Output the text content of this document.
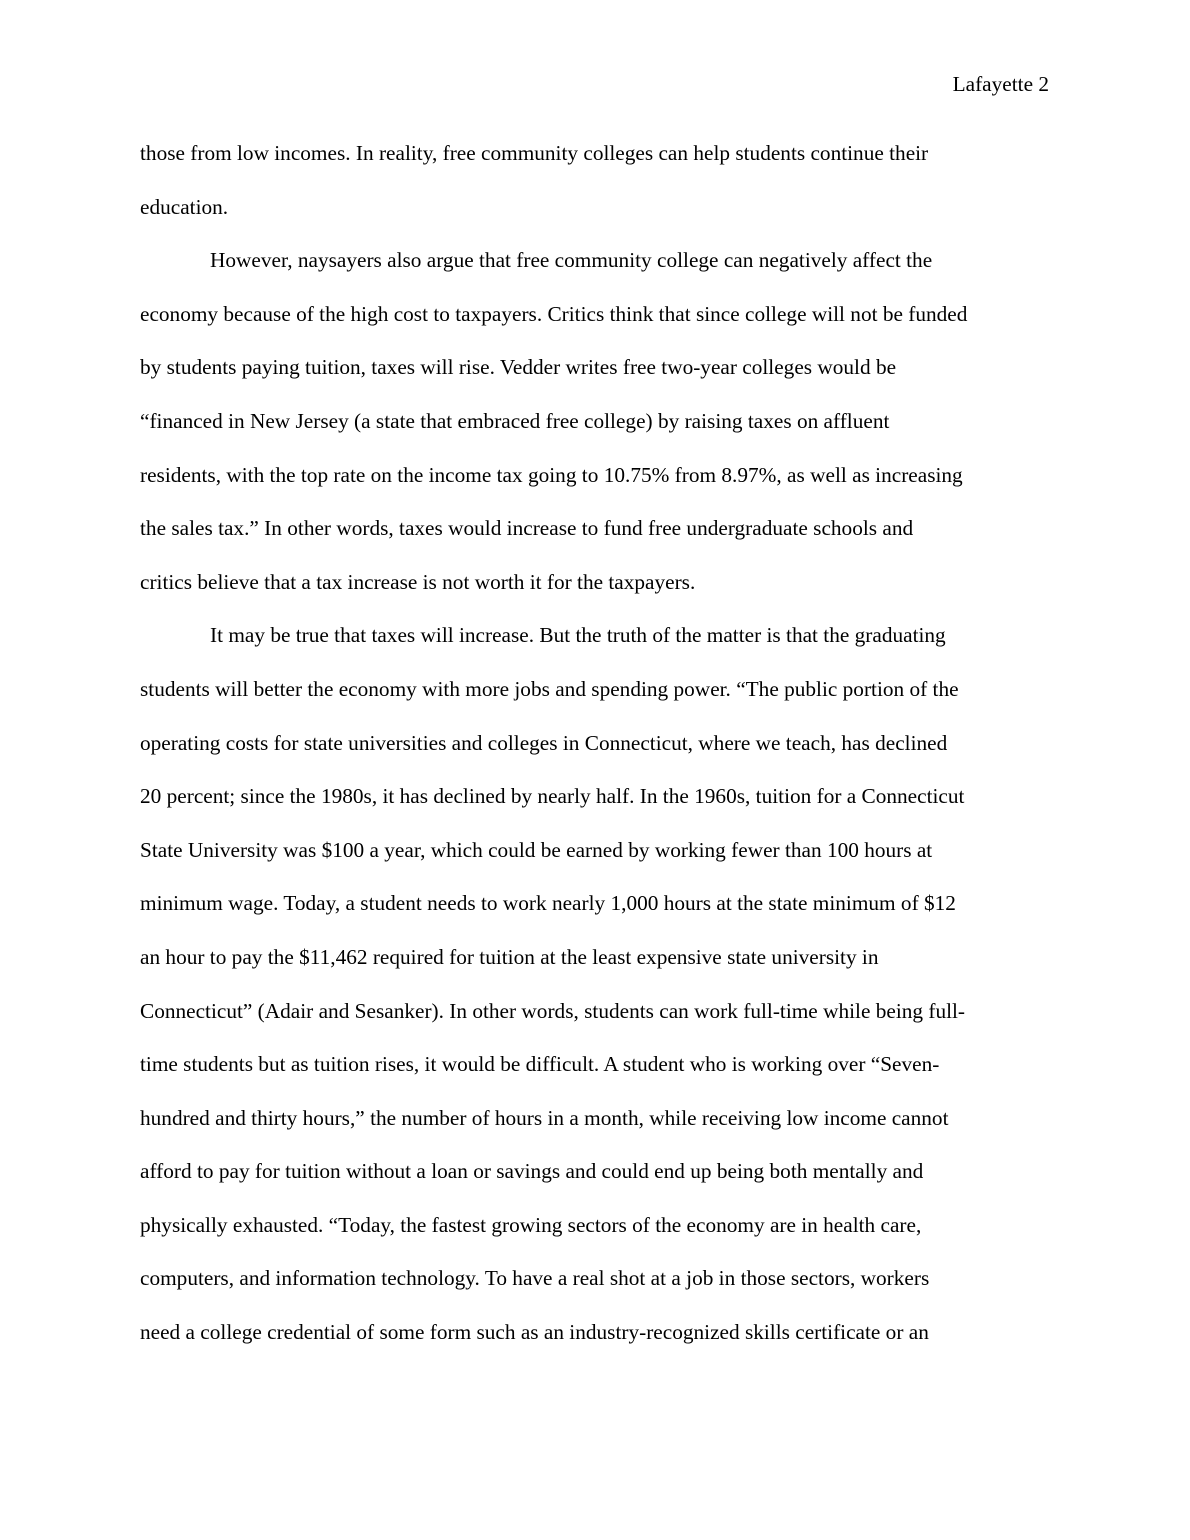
Lafayette 2
those from low incomes. In reality, free community colleges can help students continue their
education.
However, naysayers also argue that free community college can negatively affect the
economy because of the high cost to taxpayers. Critics think that since college will not be funded
by students paying tuition, taxes will rise. Vedder writes free two-year colleges would be
“financed in New Jersey (a state that embraced free college) by raising taxes on affluent
residents, with the top rate on the income tax going to 10.75% from 8.97%, as well as increasing
the sales tax.” In other words, taxes would increase to fund free undergraduate schools and
critics believe that a tax increase is not worth it for the taxpayers.
It may be true that taxes will increase. But the truth of the matter is that the graduating
students will better the economy with more jobs and spending power. “The public portion of the
operating costs for state universities and colleges in Connecticut, where we teach, has declined
20 percent; since the 1980s, it has declined by nearly half. In the 1960s, tuition for a Connecticut
State University was $100 a year, which could be earned by working fewer than 100 hours at
minimum wage. Today, a student needs to work nearly 1,000 hours at the state minimum of $12
an hour to pay the $11,462 required for tuition at the least expensive state university in
Connecticut” (Adair and Sesanker). In other words, students can work full-time while being full-
time students but as tuition rises, it would be difficult. A student who is working over “Seven-
hundred and thirty hours,” the number of hours in a month, while receiving low income cannot
afford to pay for tuition without a loan or savings and could end up being both mentally and
physically exhausted. “Today, the fastest growing sectors of the economy are in health care,
computers, and information technology. To have a real shot at a job in those sectors, workers
need a college credential of some form such as an industry-recognized skills certificate or an
